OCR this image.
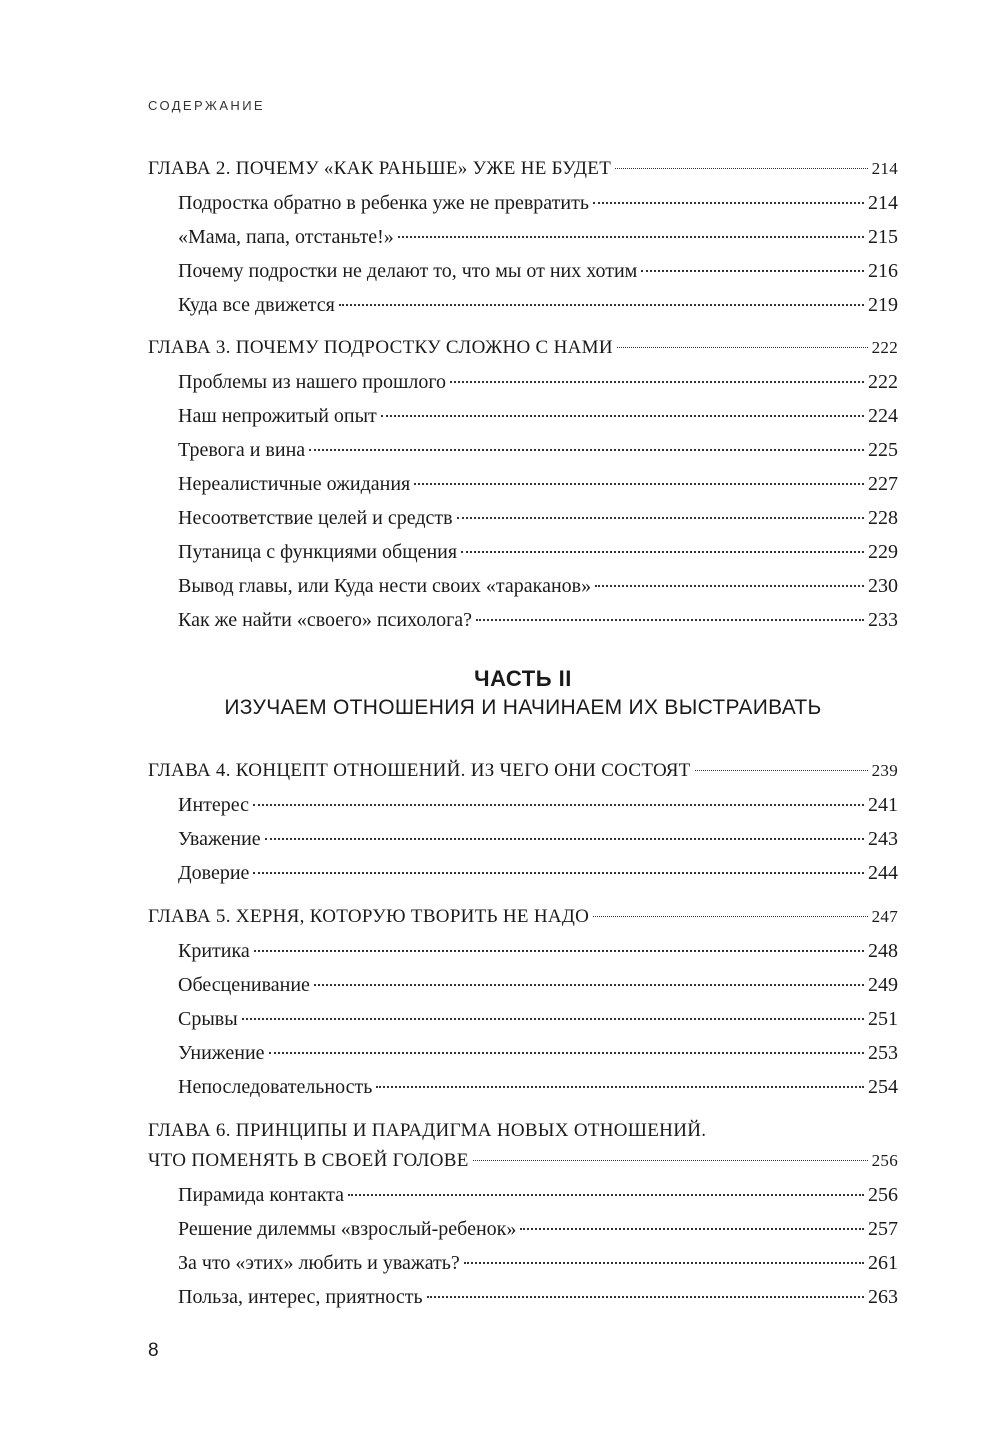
СОДЕРЖАНИЕ
ГЛАВА 2. ПОЧЕМУ «КАК РАНЬШЕ» УЖЕ НЕ БУДЕТ	214
Подростка обратно в ребенка уже не превратить	214
«Мама, папа, отстаньте!»	215
Почему подростки не делают то, что мы от них хотим	216
Куда все движется	219
ГЛАВА 3. ПОЧЕМУ ПОДРОСТКУ СЛОЖНО С НАМИ	222
Проблемы из нашего прошлого	222
Наш непрожитый опыт	224
Тревога и вина	225
Нереалистичные ожидания	227
Несоответствие целей и средств	228
Путаница с функциями общения	229
Вывод главы, или Куда нести своих «тараканов»	230
Как же найти «своего» психолога?	233
ЧАСТЬ II
ИЗУЧАЕМ ОТНОШЕНИЯ И НАЧИНАЕМ ИХ ВЫСТРАИВАТЬ
ГЛАВА 4. КОНЦЕПТ ОТНОШЕНИЙ. ИЗ ЧЕГО ОНИ СОСТОЯТ	239
Интерес	241
Уважение	243
Доверие	244
ГЛАВА 5. ХЕРНЯ, КОТОРУЮ ТВОРИТЬ НЕ НАДО	247
Критика	248
Обесценивание	249
Срывы	251
Унижение	253
Непоследовательность	254
ГЛАВА 6. ПРИНЦИПЫ И ПАРАДИГМА НОВЫХ ОТНОШЕНИЙ.
ЧТО ПОМЕНЯТЬ В СВОЕЙ ГОЛОВЕ	256
Пирамида контакта	256
Решение дилеммы «взрослый-ребенок»	257
За что «этих» любить и уважать?	261
Польза, интерес, приятность	263
8
